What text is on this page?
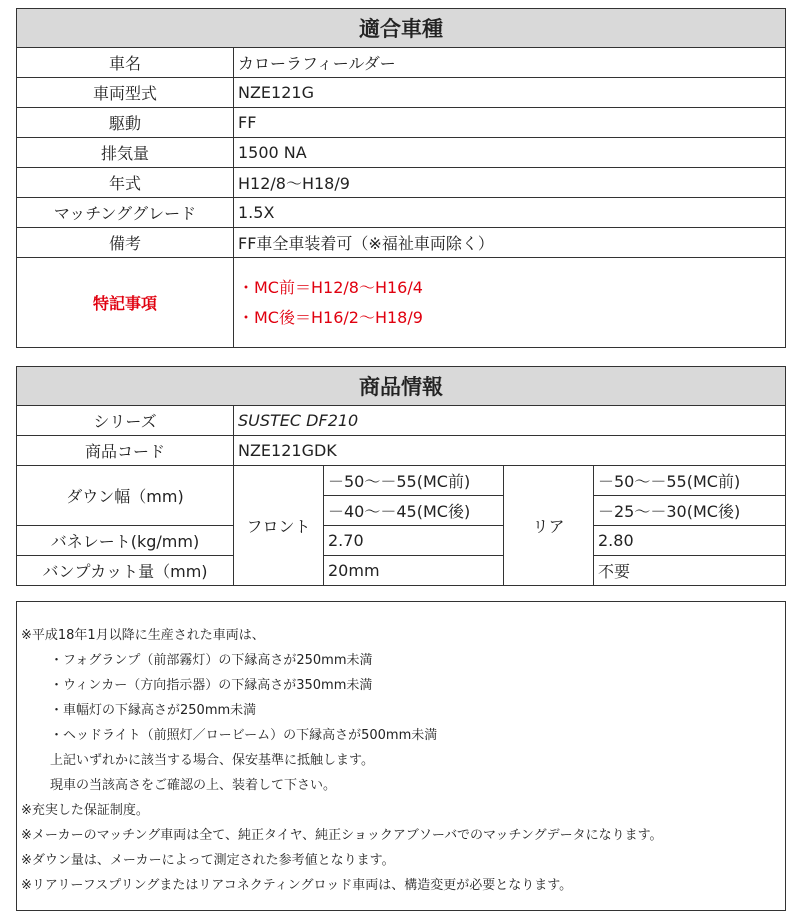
適合車種	
車名	カローラフィールダー
車両型式	NZE121G
駆動	FF
排気量	1500 NA
年式	H12/8〜H18/9
マッチンググレード	1.5X
備考	FF車全車装着可（※福祉車両除く）
特記事項	・MC前＝H12/8〜H16/4
・MC後＝H16/2〜H18/9
商品情報				
シリーズ	SUSTEC DF210			
商品コード	NZE121GDK			
ダウン幅（mm)	フロント	－50〜－55(MC前)	リア	－50〜－55(MC前)
		－40〜－45(MC後)		－25〜－30(MC後)
バネレート(kg/mm)		2.70		2.80
バンプカット量（mm)		20mm		不要
※平成18年1月以降に生産された車両は、
・フォグランプ（前部霧灯）の下縁高さが250mm未満
・ウィンカー（方向指示器）の下縁高さが350mm未満
・車幅灯の下縁高さが250mm未満
・ヘッドライト（前照灯／ロービーム）の下縁高さが500mm未満
上記いずれかに該当する場合、保安基準に抵触します。
現車の当該高さをご確認の上、装着して下さい。
※充実した保証制度。
※メーカーのマッチング車両は全て、純正タイヤ、純正ショックアブソーバでのマッチングデータになります。
※ダウン量は、メーカーによって測定された参考値となります。
※リアリーフスプリングまたはリアコネクティングロッド車両は、構造変更が必要となります。
